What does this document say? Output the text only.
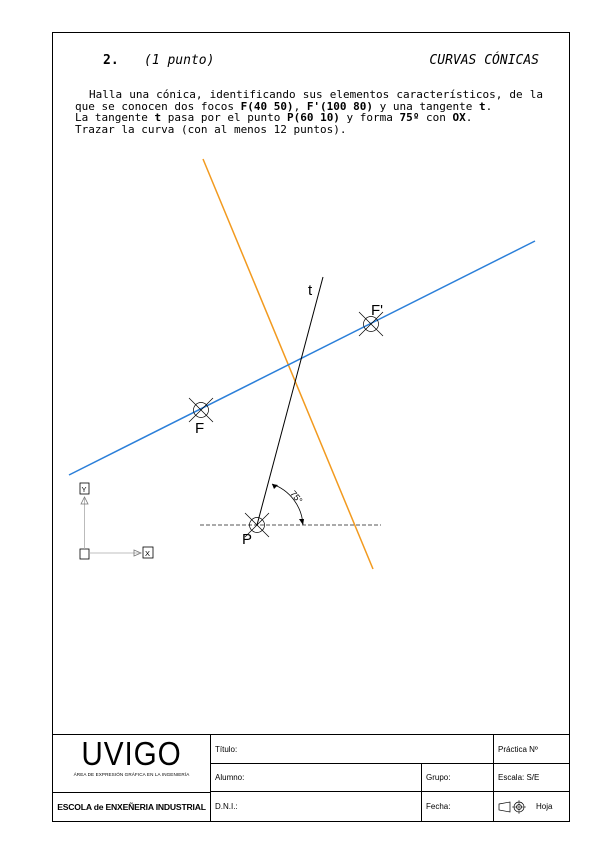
2. (1 punto)	CURVAS CÓNICAS

Halla una cónica, identificando sus elementos característicos, de la que se conocen dos focos F(40 50), F'(100 80) y una tangente t.

La tangente t pasa por el punto P(60 10) y forma 75º con OX.

Trazar la curva (con al menos 12 puntos).

75°
F
F'
P
t
Y
X
UVIGO
ÁREA DE EXPRESIÓN GRÁFICA EN LA INGENIERÍA
ESCOLA de ENXEÑERIA INDUSTRIAL
Título:	Práctica Nº
Alumno:	Grupo:	Escala: S/E
D.N.I.:	Fecha:	Hoja
